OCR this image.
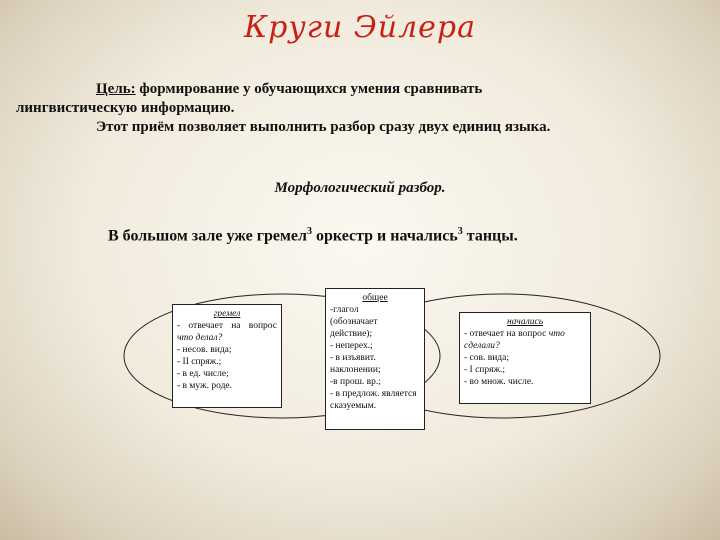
Круги Эйлера
Цель: формирование у обучающихся умения сравнивать
лингвистическую информацию.
Этот приём позволяет выполнить разбор сразу двух единиц языка.
Морфологический разбор.
В большом зале уже гремел$^3$ оркестр и начались$^3$ танцы.
гремел
- отвечает на вопрос что делал?
- несов. вида;
- II спряж.;
- в ед. числе;
- в муж. роде.
общее
-глагол
(обозначает
действие);
- неперех.;
- в изъявит. наклонении;
-в прош. вр.;
- в предлож. является
сказуемым.
начались
- отвечает на вопрос что сделали?
- сов. вида;
- I спряж.;
- во множ. числе.
